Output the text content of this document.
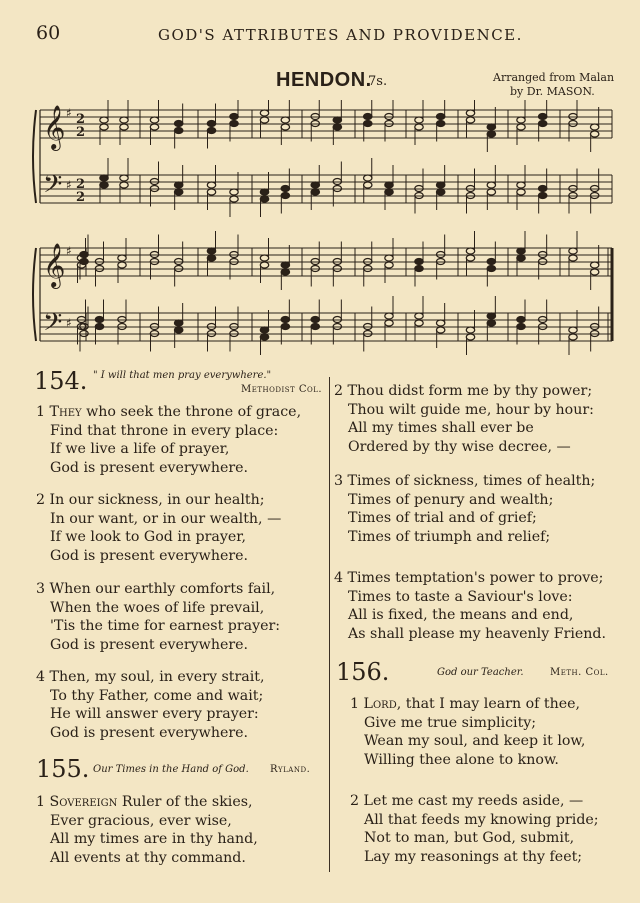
60	GOD'S ATTRIBUTES AND PROVIDENCE.
HENDON.
7s.	Arranged from Malan
by Dr. MASON.
𝄞
𝄢
♯
♯
2
2
2
2
𝄞
𝄢
♯
♯
154. " I will that men pray everywhere."
Methodist Col.
155. Our Times in the Hand of God. Ryland.
156.	God our Teacher.	Meth. Col.
1 They who seek the throne of grace,
Find that throne in every place:
If we live a life of prayer,
God is present everywhere.
2 In our sickness, in our health;
In our want, or in our wealth, —
If we look to God in prayer,
God is present everywhere.
3 When our earthly comforts fail,
When the woes of life prevail,
'Tis the time for earnest prayer:
God is present everywhere.
4 Then, my soul, in every strait,
To thy Father, come and wait;
He will answer every prayer:
God is present everywhere.
2 Thou didst form me by thy power;
Thou wilt guide me, hour by hour:
All my times shall ever be
Ordered by thy wise decree, —
3 Times of sickness, times of health;
Times of penury and wealth;
Times of trial and of grief;
Times of triumph and relief;
4 Times temptation's power to prove;
Times to taste a Saviour's love:
All is fixed, the means and end,
As shall please my heavenly Friend.
1 Sovereign Ruler of the skies,
Ever gracious, ever wise,
All my times are in thy hand,
All events at thy command.
1 Lord, that I may learn of thee,
Give me true simplicity;
Wean my soul, and keep it low,
Willing thee alone to know.
2 Let me cast my reeds aside, —
All that feeds my knowing pride;
Not to man, but God, submit,
Lay my reasonings at thy feet;
